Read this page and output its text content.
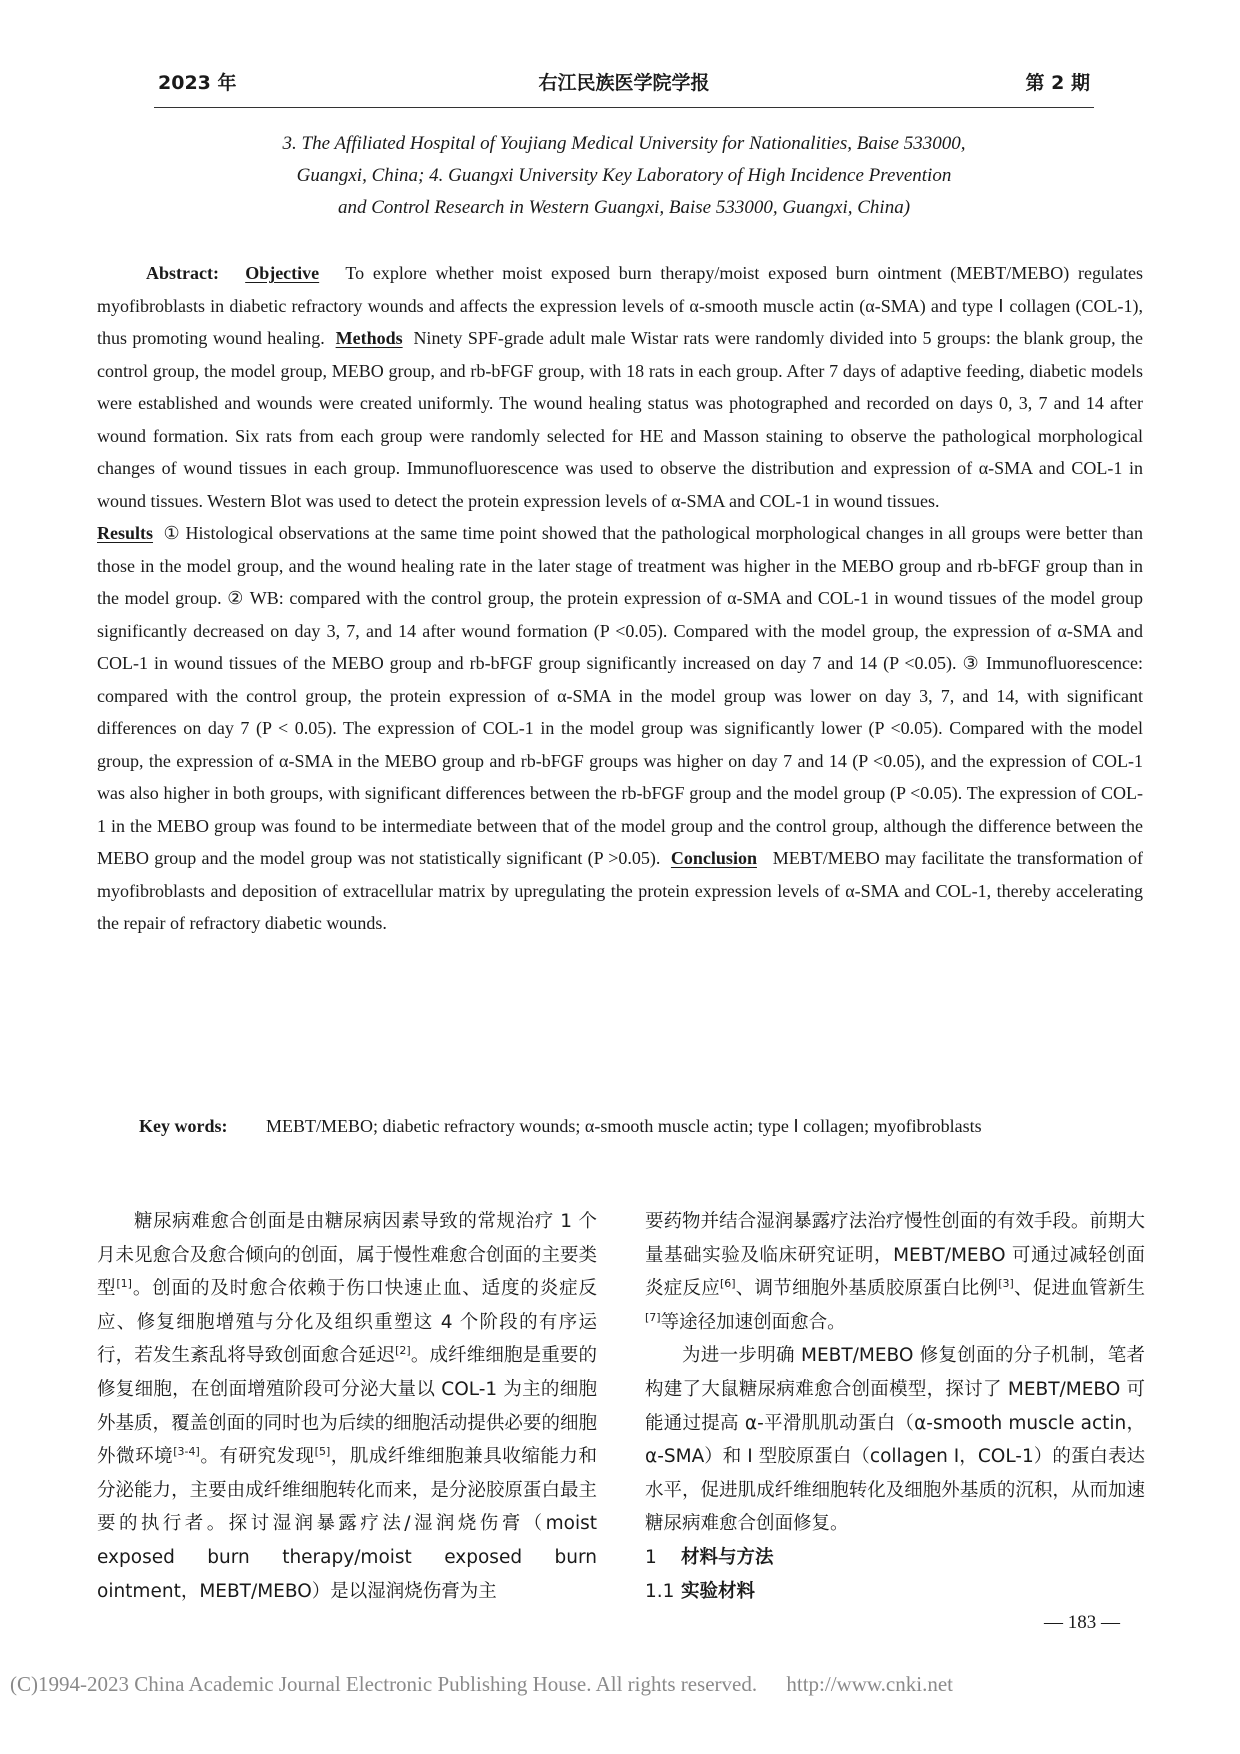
2023 年	右江民族医学院学报	第 2 期
3. The Affiliated Hospital of Youjiang Medical University for Nationalities, Baise 533000,
Guangxi, China; 4. Guangxi University Key Laboratory of High Incidence Prevention
and Control Research in Western Guangxi, Baise 533000, Guangxi, China)

Abstract: Objective To explore whether moist exposed burn therapy/moist exposed burn ointment (MEBT/MEBO) regulates myofibroblasts in diabetic refractory wounds and affects the expression levels of α-smooth muscle actin (α-SMA) and type Ⅰ collagen (COL-1), thus promoting wound healing. Methods Ninety SPF-grade adult male Wistar rats were randomly divided into 5 groups: the blank group, the control group, the model group, MEBO group, and rb-bFGF group, with 18 rats in each group. After 7 days of adaptive feeding, diabetic models were established and wounds were created uniformly. The wound healing status was photographed and recorded on days 0, 3, 7 and 14 after wound formation. Six rats from each group were randomly selected for HE and Masson staining to observe the pathological morphological changes of wound tissues in each group. Immunofluorescence was used to observe the distribution and expression of α-SMA and COL-1 in wound tissues. Western Blot was used to detect the protein expression levels of α-SMA and COL-1 in wound tissues.
Results ① Histological observations at the same time point showed that the pathological morphological changes in all groups were better than those in the model group, and the wound healing rate in the later stage of treatment was higher in the MEBO group and rb-bFGF group than in the model group. ② WB: compared with the control group, the protein expression of α-SMA and COL-1 in wound tissues of the model group significantly decreased on day 3, 7, and 14 after wound formation (P <0.05). Compared with the model group, the expression of α-SMA and COL-1 in wound tissues of the MEBO group and rb-bFGF group significantly increased on day 7 and 14 (P <0.05). ③ Immunofluorescence: compared with the control group, the protein expression of α-SMA in the model group was lower on day 3, 7, and 14, with significant differences on day 7 (P < 0.05). The expression of COL-1 in the model group was significantly lower (P <0.05). Compared with the model group, the expression of α-SMA in the MEBO group and rb-bFGF groups was higher on day 7 and 14 (P <0.05), and the expression of COL-1 was also higher in both groups, with significant differences between the rb-bFGF group and the model group (P <0.05). The expression of COL-1 in the MEBO group was found to be intermediate between that of the model group and the control group, although the difference between the MEBO group and the model group was not statistically significant (P >0.05). Conclusion MEBT/MEBO may facilitate the transformation of myofibroblasts and deposition of extracellular matrix by upregulating the protein expression levels of α-SMA and COL-1, thereby accelerating the repair of refractory diabetic wounds.

Key words:	MEBT/MEBO; diabetic refractory wounds; α-smooth muscle actin; type Ⅰ collagen; myofibroblasts

糖尿病难愈合创面是由糖尿病因素导致的常规治疗 1 个月未见愈合及愈合倾向的创面，属于慢性难愈合创面的主要类型[1]。创面的及时愈合依赖于伤口快速止血、适度的炎症反应、修复细胞增殖与分化及组织重塑这 4 个阶段的有序运行，若发生紊乱将导致创面愈合延迟[2]。成纤维细胞是重要的修复细胞，在创面增殖阶段可分泌大量以 COL-1 为主的细胞外基质，覆盖创面的同时也为后续的细胞活动提供必要的细胞外微环境[3-4]。有研究发现[5]，肌成纤维细胞兼具收缩能力和分泌能力，主要由成纤维细胞转化而来，是分泌胶原蛋白最主要的执行者。探讨湿润暴露疗法/湿润烧伤膏（moist exposed burn therapy/moist exposed burn ointment，MEBT/MEBO）是以湿润烧伤膏为主

要药物并结合湿润暴露疗法治疗慢性创面的有效手段。前期大量基础实验及临床研究证明，MEBT/MEBO 可通过减轻创面炎症反应[6]、调节细胞外基质胶原蛋白比例[3]、促进血管新生[7]等途径加速创面愈合。

为进一步明确 MEBT/MEBO 修复创面的分子机制，笔者构建了大鼠糖尿病难愈合创面模型，探讨了 MEBT/MEBO 可能通过提高 α-平滑肌肌动蛋白（α-smooth muscle actin，α-SMA）和 Ⅰ 型胶原蛋白（collagen Ⅰ，COL-1）的蛋白表达水平，促进肌成纤维细胞转化及细胞外基质的沉积，从而加速糖尿病难愈合创面修复。

1 材料与方法

1.1 实验材料

— 183 —
(C)1994-2023 China Academic Journal Electronic Publishing House. All rights reserved. http://www.cnki.net
